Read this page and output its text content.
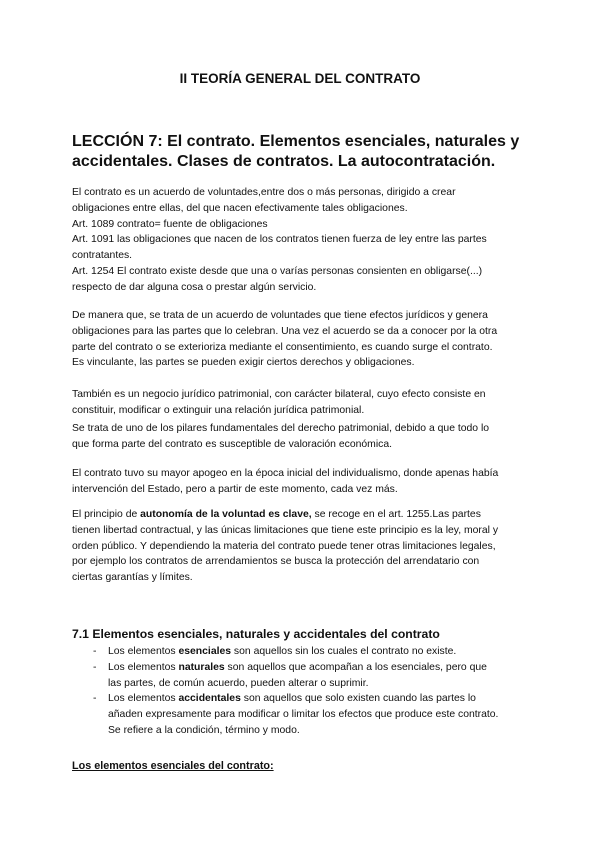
II TEORÍA GENERAL DEL CONTRATO
LECCIÓN 7: El contrato. Elementos esenciales, naturales y
accidentales. Clases de contratos. La autocontratación.
El contrato es un acuerdo de voluntades,entre dos o más personas, dirigido a crear
obligaciones entre ellas, del que nacen efectivamente tales obligaciones.
Art. 1089 contrato= fuente de obligaciones
Art. 1091 las obligaciones que nacen de los contratos tienen fuerza de ley entre las partes
contratantes.
Art. 1254 El contrato existe desde que una o varías personas consienten en obligarse(...)
respecto de dar alguna cosa o prestar algún servicio.
De manera que, se trata de un acuerdo de voluntades que tiene efectos jurídicos y genera
obligaciones para las partes que lo celebran. Una vez el acuerdo se da a conocer por la otra
parte del contrato o se exterioriza mediante el consentimiento, es cuando surge el contrato.
Es vinculante, las partes se pueden exigir ciertos derechos y obligaciones.
También es un negocio jurídico patrimonial, con carácter bilateral, cuyo efecto consiste en
constituir, modificar o extinguir una relación jurídica patrimonial.
Se trata de uno de los pilares fundamentales del derecho patrimonial, debido a que todo lo
que forma parte del contrato es susceptible de valoración económica.
El contrato tuvo su mayor apogeo en la época inicial del individualismo, donde apenas había
intervención del Estado, pero a partir de este momento, cada vez más.
El principio de autonomía de la voluntad es clave, se recoge en el art. 1255.Las partes
tienen libertad contractual, y las únicas limitaciones que tiene este principio es la ley, moral y
orden público. Y dependiendo la materia del contrato puede tener otras limitaciones legales,
por ejemplo los contratos de arrendamientos se busca la protección del arrendatario con
ciertas garantías y límites.
7.1 Elementos esenciales, naturales y accidentales del contrato
- Los elementos esenciales son aquellos sin los cuales el contrato no existe.
- Los elementos naturales son aquellos que acompañan a los esenciales, pero que
las partes, de común acuerdo, pueden alterar o suprimir.
- Los elementos accidentales son aquellos que solo existen cuando las partes lo
añaden expresamente para modificar o limitar los efectos que produce este contrato.
Se refiere a la condición, término y modo.
Los elementos esenciales del contrato:
